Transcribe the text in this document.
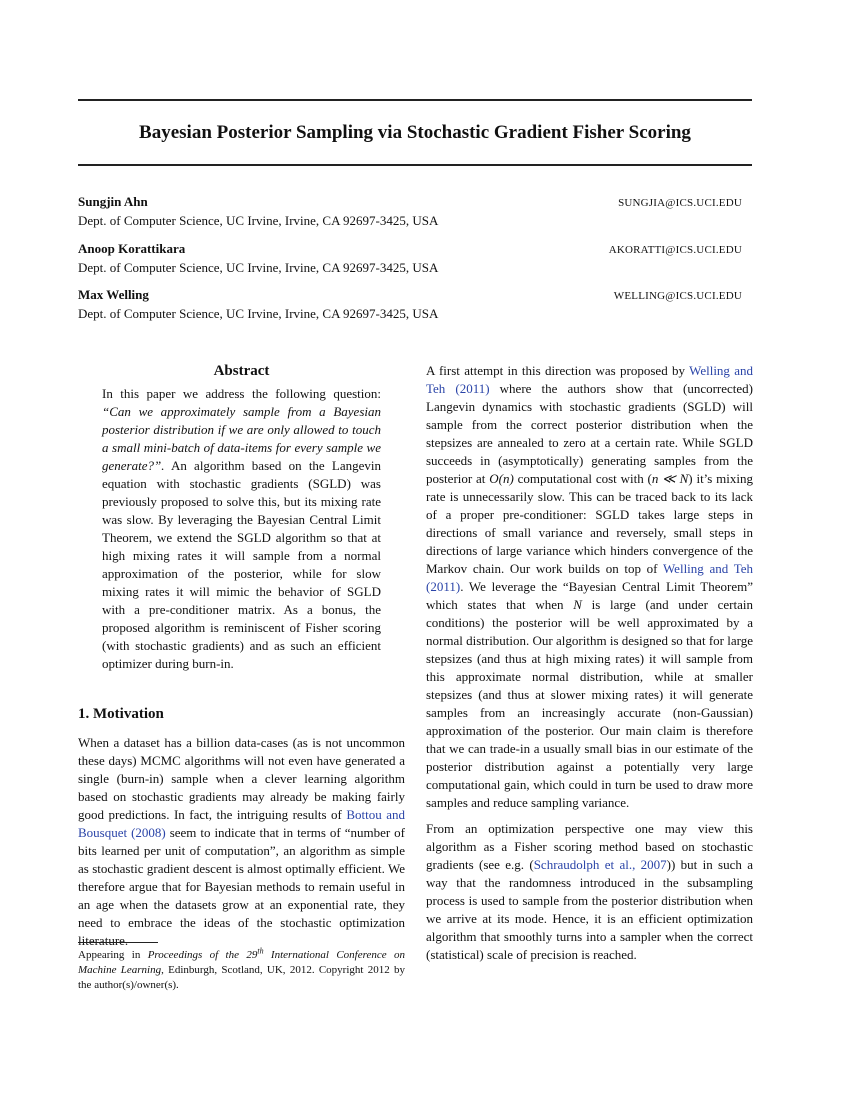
Bayesian Posterior Sampling via Stochastic Gradient Fisher Scoring
Sungjin Ahn	SUNGJIA@ICS.UCI.EDU
Dept. of Computer Science, UC Irvine, Irvine, CA 92697-3425, USA
Anoop Korattikara	AKORATTI@ICS.UCI.EDU
Dept. of Computer Science, UC Irvine, Irvine, CA 92697-3425, USA
Max Welling	WELLING@ICS.UCI.EDU
Dept. of Computer Science, UC Irvine, Irvine, CA 92697-3425, USA
Abstract
In this paper we address the following question: “Can we approximately sample from a Bayesian posterior distribution if we are only allowed to touch a small mini-batch of data-items for every sample we generate?”. An algorithm based on the Langevin equation with stochastic gradients (SGLD) was previously proposed to solve this, but its mixing rate was slow. By leveraging the Bayesian Central Limit Theorem, we extend the SGLD algorithm so that at high mixing rates it will sample from a normal approximation of the posterior, while for slow mixing rates it will mimic the behavior of SGLD with a pre-conditioner matrix. As a bonus, the proposed algorithm is reminiscent of Fisher scoring (with stochastic gradients) and as such an efficient optimizer during burn-in.
1. Motivation

When a dataset has a billion data-cases (as is not uncommon these days) MCMC algorithms will not even have generated a single (burn-in) sample when a clever learning algorithm based on stochastic gradients may already be making fairly good predictions. In fact, the intriguing results of Bottou and Bousquet (2008) seem to indicate that in terms of “number of bits learned per unit of computation”, an algorithm as simple as stochastic gradient descent is almost optimally efficient. We therefore argue that for Bayesian methods to remain useful in an age when the datasets grow at an exponential rate, they need to embrace the ideas of the stochastic optimization literature.

Appearing in Proceedings of the 29th International Conference on Machine Learning, Edinburgh, Scotland, UK, 2012. Copyright 2012 by the author(s)/owner(s).

A first attempt in this direction was proposed by Welling and Teh (2011) where the authors show that (uncorrected) Langevin dynamics with stochastic gradients (SGLD) will sample from the correct posterior distribution when the stepsizes are annealed to zero at a certain rate. While SGLD succeeds in (asymptotically) generating samples from the posterior at O(n) computational cost with (n ≪ N) it’s mixing rate is unnecessarily slow. This can be traced back to its lack of a proper pre-conditioner: SGLD takes large steps in directions of small variance and reversely, small steps in directions of large variance which hinders convergence of the Markov chain. Our work builds on top of Welling and Teh (2011). We leverage the “Bayesian Central Limit Theorem” which states that when N is large (and under certain conditions) the posterior will be well approximated by a normal distribution. Our algorithm is designed so that for large stepsizes (and thus at high mixing rates) it will sample from this approximate normal distribution, while at smaller stepsizes (and thus at slower mixing rates) it will generate samples from an increasingly accurate (non-Gaussian) approximation of the posterior. Our main claim is therefore that we can trade-in a usually small bias in our estimate of the posterior distribution against a potentially very large computational gain, which could in turn be used to draw more samples and reduce sampling variance.

From an optimization perspective one may view this algorithm as a Fisher scoring method based on stochastic gradients (see e.g. (Schraudolph et al., 2007)) but in such a way that the randomness introduced in the subsampling process is used to sample from the posterior distribution when we arrive at its mode. Hence, it is an efficient optimization algorithm that smoothly turns into a sampler when the correct (statistical) scale of precision is reached.
